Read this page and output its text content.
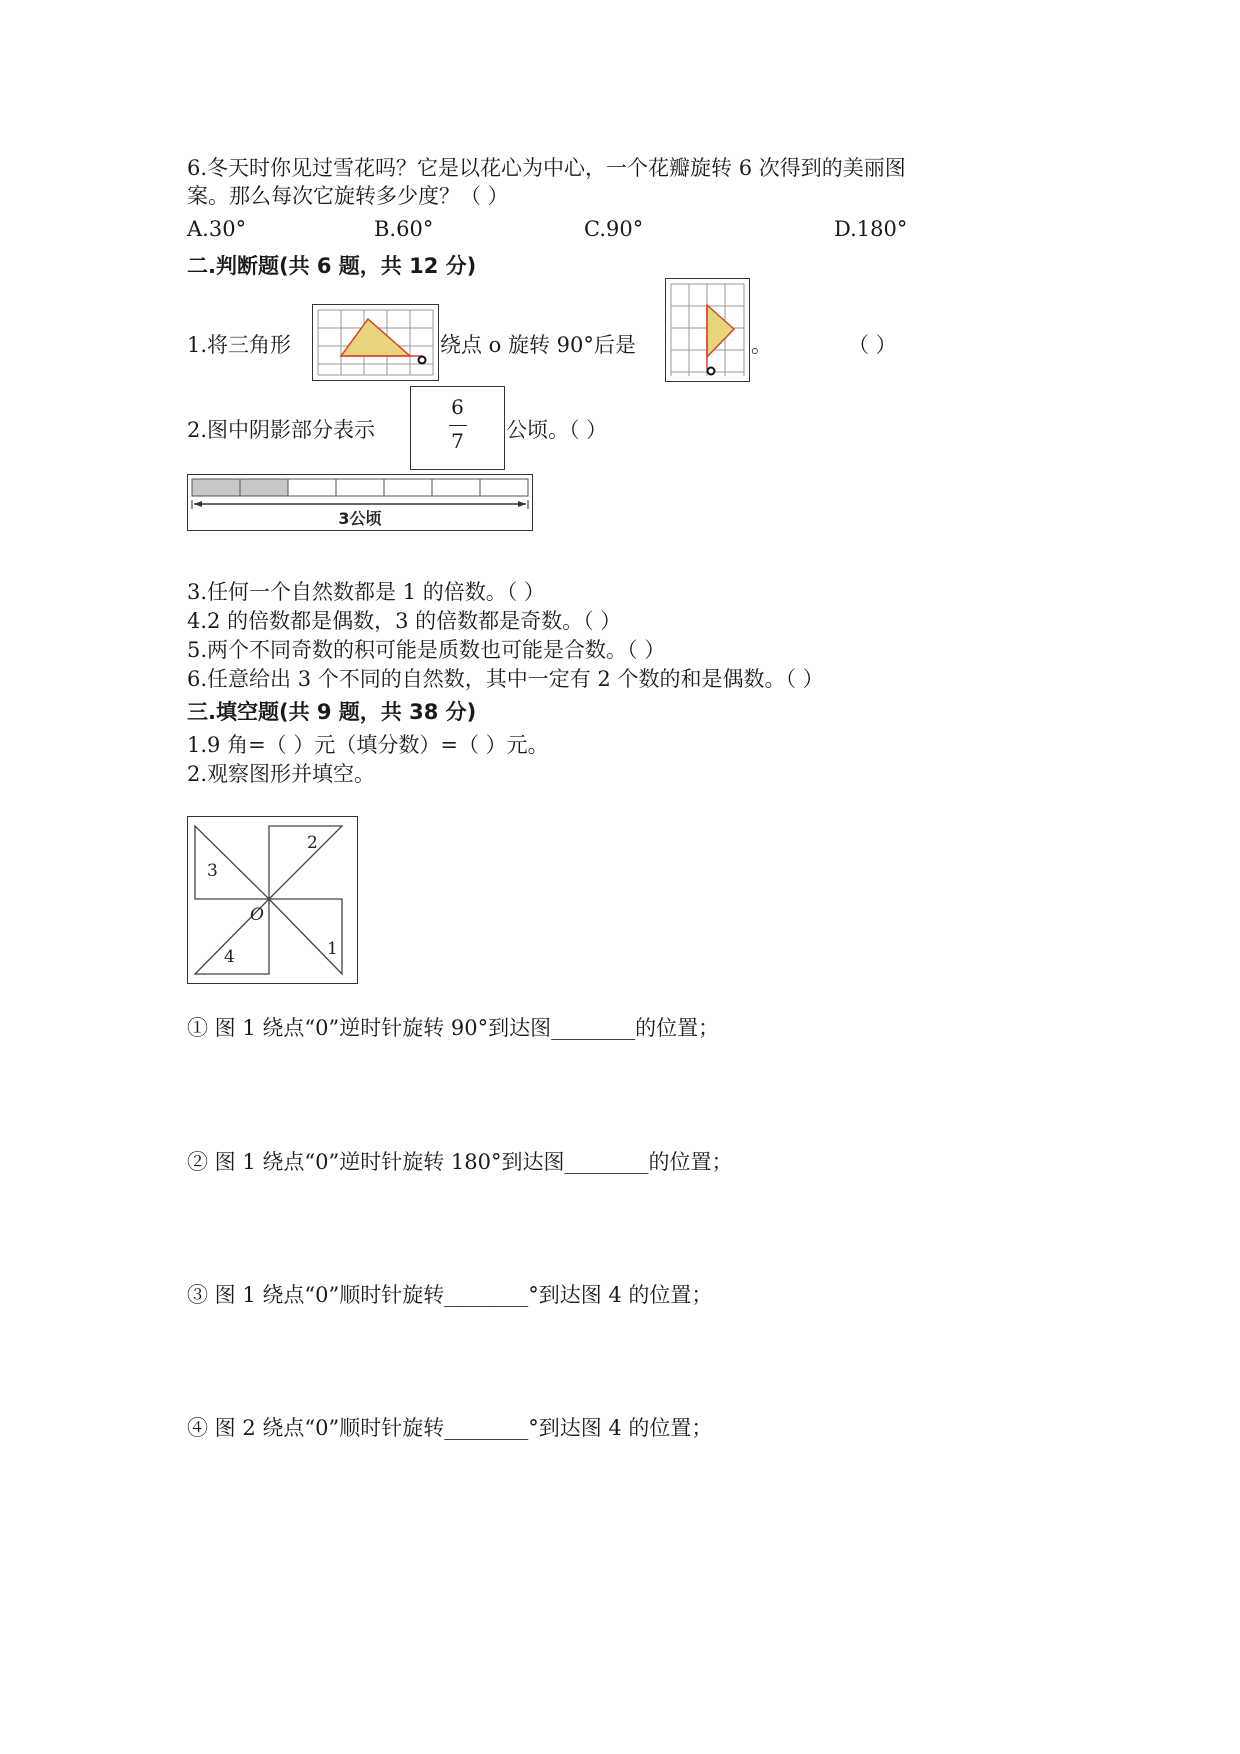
6.冬天时你见过雪花吗？它是以花心为中心，一个花瓣旋转 6 次得到的美丽图
案。那么每次它旋转多少度？（ ）
A.30°	B.60°	C.90°	D.180°
二.判断题(共 6 题，共 12 分)
1.将三角形	绕点 o 旋转 90°后是	。	（ ）
2.图中阴影部分表示
6
7	公顷。（ ）
3公顷
3.任何一个自然数都是 1 的倍数。（ ）
4.2 的倍数都是偶数，3 的倍数都是奇数。（ ）
5.两个不同奇数的积可能是质数也可能是合数。（ ）
6.任意给出 3 个不同的自然数，其中一定有 2 个数的和是偶数。（ ）
三.填空题(共 9 题，共 38 分)
1.9 角=（ ）元（填分数）=（ ）元。
2.观察图形并填空。
2
3
4	1
O
① 图 1 绕点“0”逆时针旋转 90°到达图________的位置；
② 图 1 绕点“0”逆时针旋转 180°到达图________的位置；
③ 图 1 绕点“0”顺时针旋转________°到达图 4 的位置；
④ 图 2 绕点“0”顺时针旋转________°到达图 4 的位置；
